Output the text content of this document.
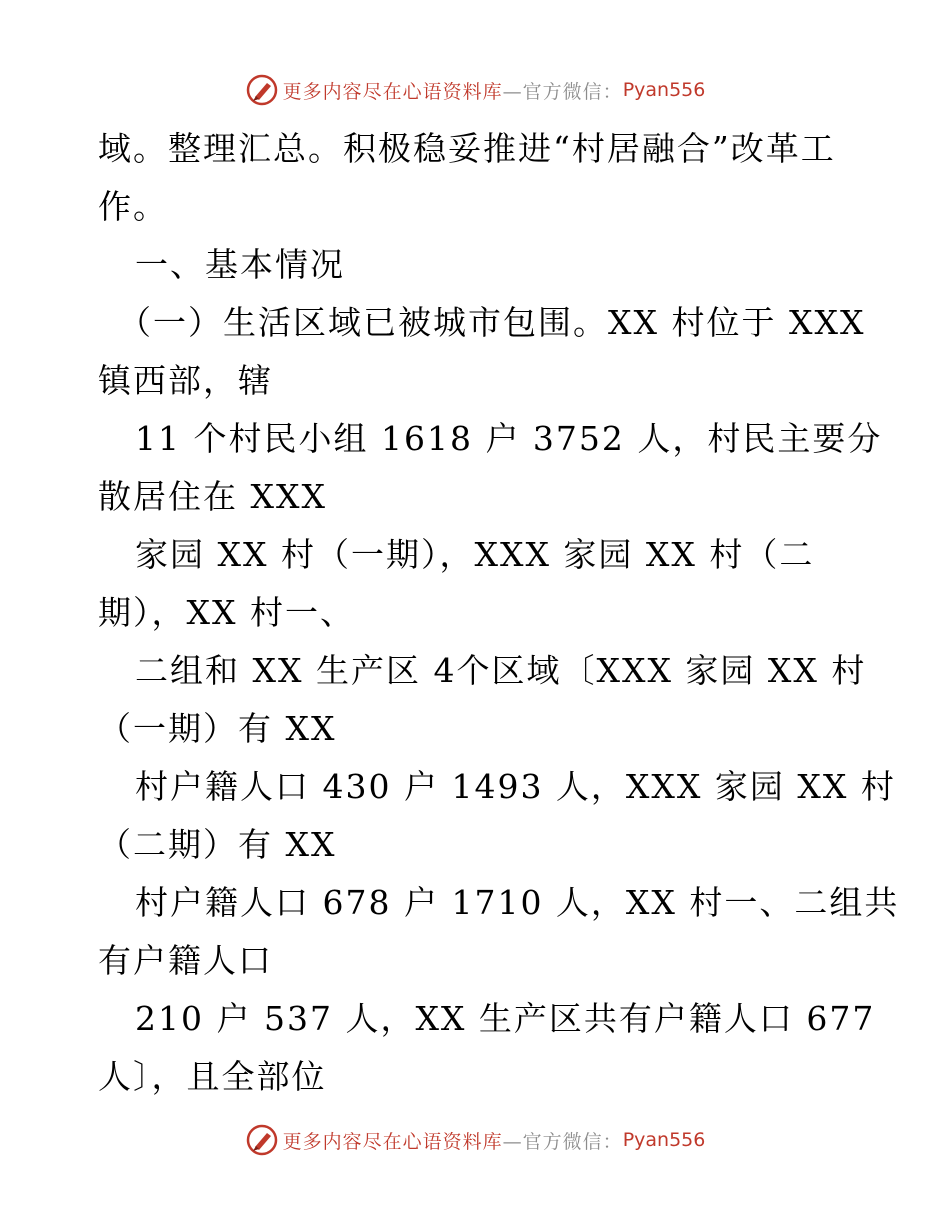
更多内容尽在心语资料库 —官方微信： Pyan556
域。整理汇总。积极稳妥推进“村居融合”改革工
作。
一、基本情况
（一）生活区域已被城市包围。XX 村位于 XXX
镇西部，辖
11 个村民小组 1618 户 3752 人，村民主要分
散居住在 XXX
家园 XX 村（一期），XXX 家园 XX 村（二
期），XX 村一、
二组和 XX 生产区 4个区域〔XXX 家园 XX 村
（一期）有 XX
村户籍人口 430 户 1493 人，XXX 家园 XX 村
（二期）有 XX
村户籍人口 678 户 1710 人，XX 村一、二组共
有户籍人口
210 户 537 人，XX 生产区共有户籍人口 677
人〕，且全部位
更多内容尽在心语资料库 —官方微信： Pyan556
